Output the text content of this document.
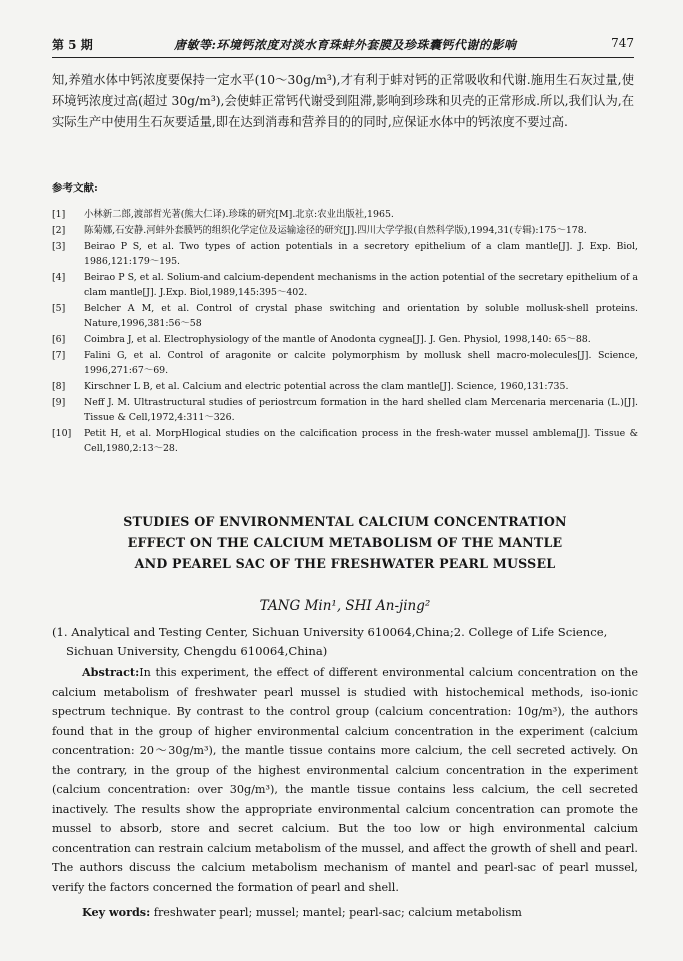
第 5 期	唐敏等:环境钙浓度对淡水育珠蚌外套膜及珍珠囊钙代谢的影响	747

知,养殖水体中钙浓度要保持一定水平(10～30g/m³),才有利于蚌对钙的正常吸收和代谢.施用生石灰过量,使环境钙浓度过高(超过 30g/m³),会使蚌正常钙代谢受到阻滞,影响到珍珠和贝壳的正常形成.所以,我们认为,在实际生产中使用生石灰要适量,即在达到消毒和营养目的的同时,应保证水体中的钙浓度不要过高.

参考文献:
[1] 小林新二郎,渡部哲光著(熊大仁译).珍珠的研究[M].北京:农业出版社,1965.
[2] 陈菊娜,石安静.河蚌外套膜钙的组织化学定位及运输途径的研究[J].四川大学学报(自然科学版),1994,31(专辑):175～178.
[3] Beirao P S, et al. Two types of action potentials in a secretory epithelium of a clam mantle[J]. J. Exp. Biol, 1986,121:179～195.
[4] Beirao P S, et al. Solium-and calcium-dependent mechanisms in the action potential of the secretary epithelium of a clam mantle[J]. J.Exp. Biol,1989,145:395～402.
[5] Belcher A M, et al. Control of crystal phase switching and orientation by soluble mollusk-shell proteins. Nature,1996,381:56～58
[6] Coimbra J, et al. Electrophysiology of the mantle of Anodonta cygnea[J]. J. Gen. Physiol, 1998,140: 65～88.
[7] Falini G, et al. Control of aragonite or calcite polymorphism by mollusk shell macro-molecules[J]. Science, 1996,271:67～69.
[8] Kirschner L B, et al. Calcium and electric potential across the clam mantle[J]. Science, 1960,131:735.
[9] Neff J. M. Ultrastructural studies of periostrcum formation in the hard shelled clam Mercenaria mercenaria (L.)[J]. Tissue & Cell,1972,4:311～326.
[10] Petit H, et al. MorpHlogical studies on the calcification process in the fresh-water mussel amblema[J]. Tissue & Cell,1980,2:13～28.
STUDIES OF ENVIRONMENTAL CALCIUM CONCENTRATION
EFFECT ON THE CALCIUM METABOLISM OF THE MANTLE
AND PEAREL SAC OF THE FRESHWATER PEARL MUSSEL
TANG Min¹, SHI An-jing²
(1. Analytical and Testing Center, Sichuan University 610064,China;2. College of Life Science,
Sichuan University, Chengdu 610064,China)

Abstract:In this experiment, the effect of different environmental calcium concentration on the calcium metabolism of freshwater pearl mussel is studied with histochemical methods, iso-ionic spectrum technique. By contrast to the control group (calcium concentration: 10g/m³), the authors found that in the group of higher environmental calcium concentration in the experiment (calcium concentration: 20～30g/m³), the mantle tissue contains more calcium, the cell secreted actively. On the contrary, in the group of the highest environmental calcium concentration in the experiment (calcium concentration: over 30g/m³), the mantle tissue contains less calcium, the cell secreted inactively. The results show the appropriate environmental calcium concentration can promote the mussel to absorb, store and secret calcium. But the too low or high environmental calcium concentration can restrain calcium metabolism of the mussel, and affect the growth of shell and pearl. The authors discuss the calcium metabolism mechanism of mantel and pearl-sac of pearl mussel, verify the factors concerned the formation of pearl and shell.

Key words: freshwater pearl; mussel; mantel; pearl-sac; calcium metabolism
